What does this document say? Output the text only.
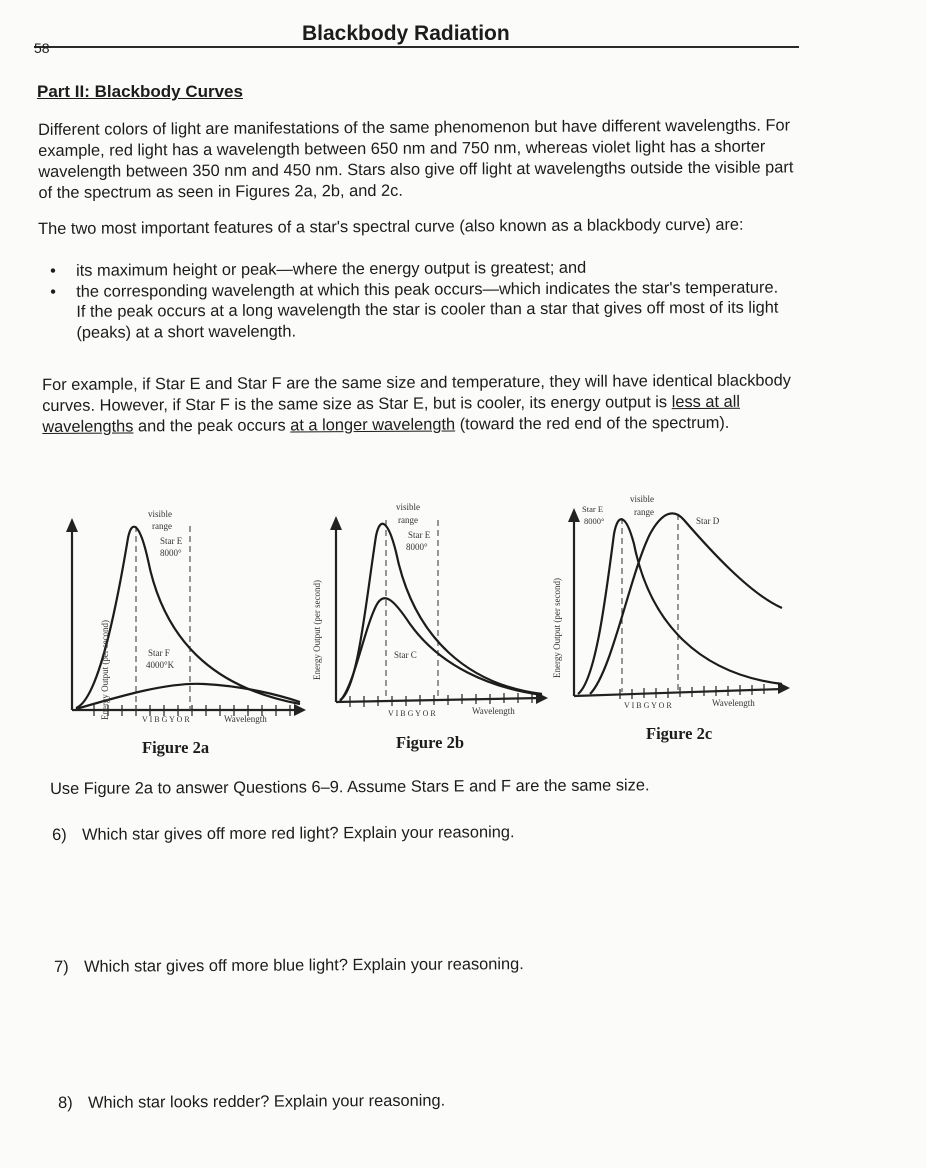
58
Blackbody Radiation
Part II: Blackbody Curves

Different colors of light are manifestations of the same phenomenon but have different wavelengths. For example, red light has a wavelength between 650 nm and 750 nm, whereas violet light has a shorter wavelength between 350 nm and 450 nm. Stars also give off light at wavelengths outside the visible part of the spectrum as seen in Figures 2a, 2b, and 2c.

The two most important features of a star's spectral curve (also known as a blackbody curve) are:

• its maximum height or peak—where the energy output is greatest; and
• the corresponding wavelength at which this peak occurs—which indicates the star's temperature. If the peak occurs at a long wavelength the star is cooler than a star that gives off most of its light (peaks) at a short wavelength.

For example, if Star E and Star F are the same size and temperature, they will have identical blackbody curves. However, if Star F is the same size as Star E, but is cooler, its energy output is less at all wavelengths and the peak occurs at a longer wavelength (toward the red end of the spectrum).

Energy Output (per second)
visible
range
Star E
8000°
Star F
4000°K
V I B G Y O R	Wavelength
Figure 2a
Energy Output (per second)
visible
range
Star E
8000°
Star C
V I B G Y O R	Wavelength
Figure 2b
Energy Output (per second)
Star E
8000°
visible
range
Star D
V I B G Y O R	Wavelength
Figure 2c
Use Figure 2a to answer Questions 6–9. Assume Stars E and F are the same size.
6) Which star gives off more red light? Explain your reasoning.
7) Which star gives off more blue light? Explain your reasoning.
8) Which star looks redder? Explain your reasoning.
